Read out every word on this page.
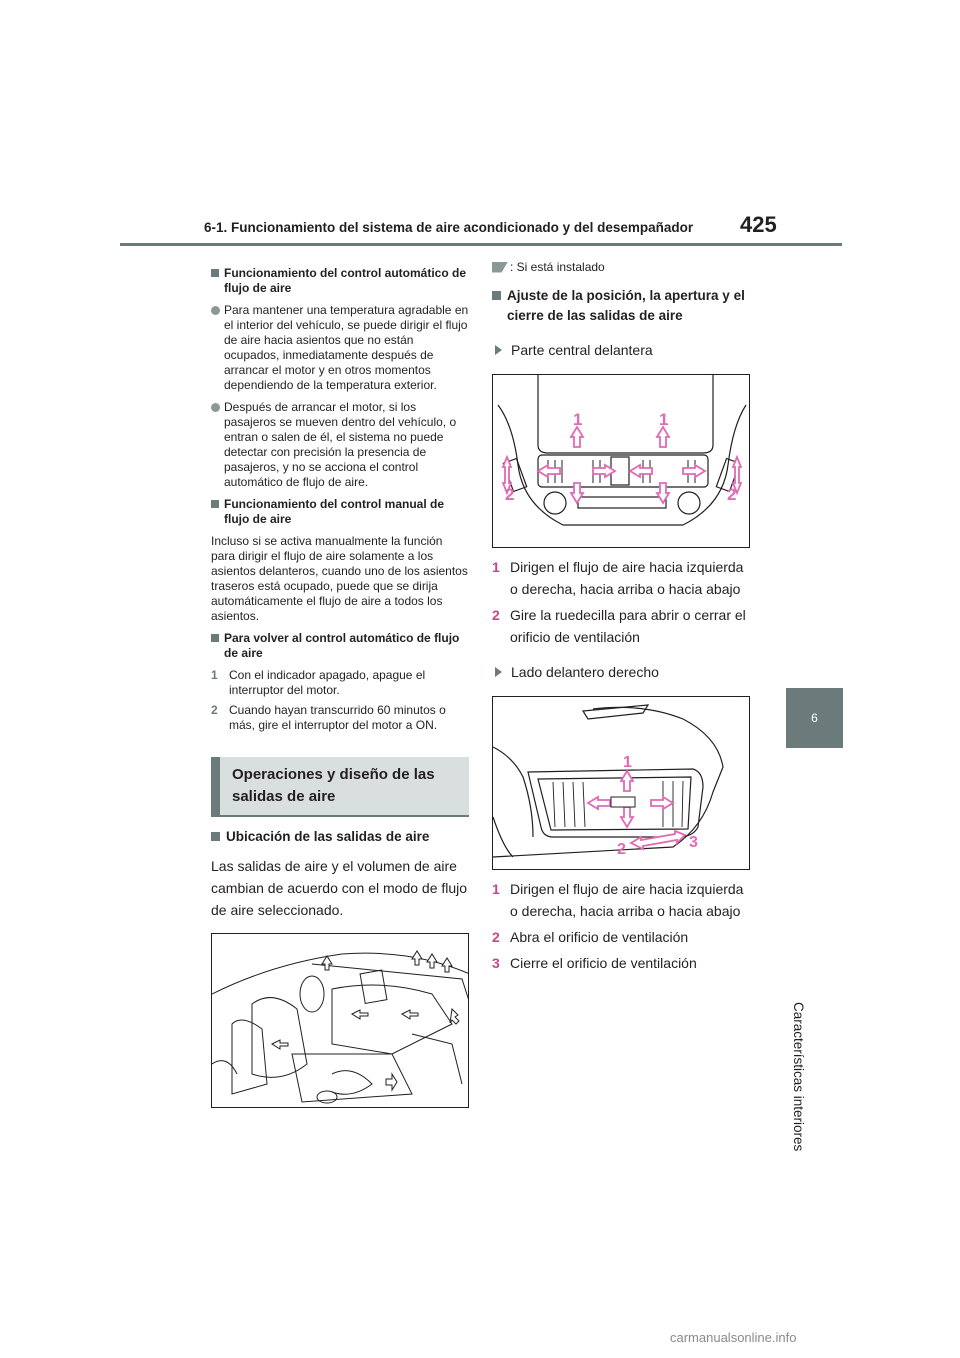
6-1. Funcionamiento del sistema de aire acondicionado y del desempañador 425
6
Características interiores
Funcionamiento del control automático de flujo de aire
Para mantener una temperatura agradable en el interior del vehículo, se puede dirigir el flujo de aire hacia asientos que no están ocupados, inmediatamente después de arrancar el motor y en otros momentos dependiendo de la temperatura exterior.
Después de arrancar el motor, si los pasajeros se mueven dentro del vehículo, o entran o salen de él, el sistema no puede detectar con precisión la presencia de pasajeros, y no se acciona el control automático de flujo de aire.
Funcionamiento del control manual de flujo de aire
Incluso si se activa manualmente la función para dirigir el flujo de aire solamente a los asientos delanteros, cuando uno de los asientos traseros está ocupado, puede que se dirija automáticamente el flujo de aire a todos los asientos.
Para volver al control automático de flujo de aire
1 Con el indicador apagado, apague el interruptor del motor.
2 Cuando hayan transcurrido 60 minutos o más, gire el interruptor del motor a ON.
Operaciones y diseño de las salidas de aire
Ubicación de las salidas de aire
Las salidas de aire y el volumen de aire cambian de acuerdo con el modo de flujo de aire seleccionado.
: Si está instalado
Ajuste de la posición, la apertura y el cierre de las salidas de aire
Parte central delantera
1	1
2	2
1 Dirigen el flujo de aire hacia izquierda o derecha, hacia arriba o hacia abajo
2 Gire la ruedecilla para abrir o cerrar el orificio de ventilación
Lado delantero derecho
1
2	3
1 Dirigen el flujo de aire hacia izquierda o derecha, hacia arriba o hacia abajo
2 Abra el orificio de ventilación
3 Cierre el orificio de ventilación
carmanualsonline.info
